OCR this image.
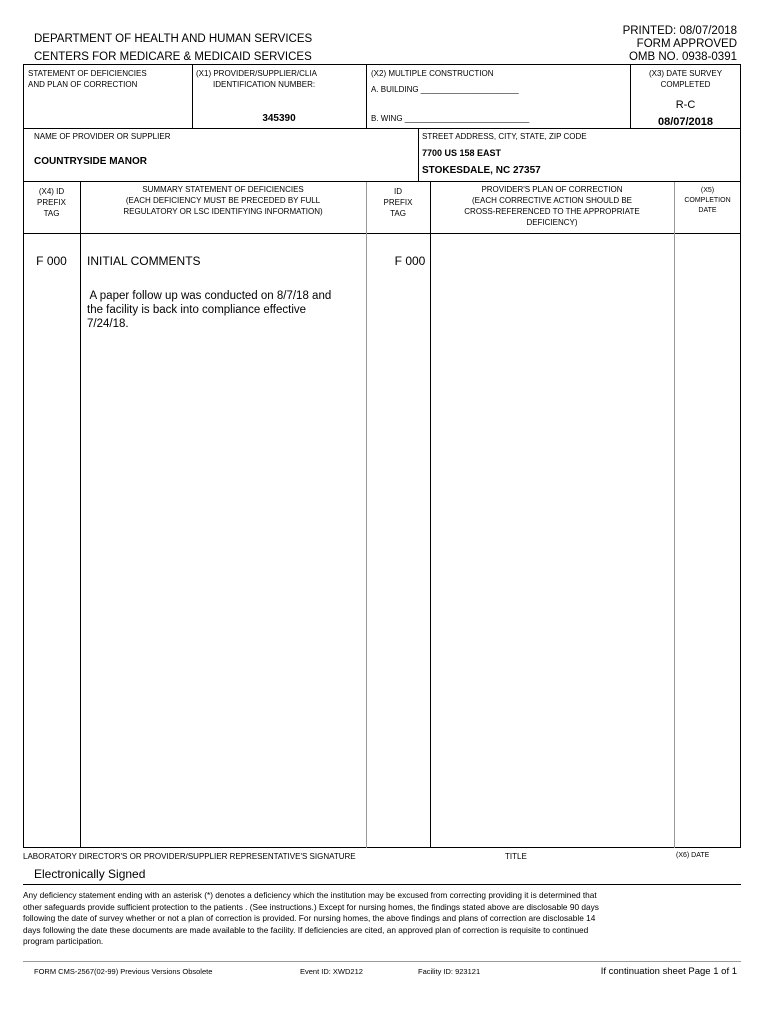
PRINTED: 08/07/2018
FORM APPROVED
OMB NO. 0938-0391
DEPARTMENT OF HEALTH AND HUMAN SERVICES
CENTERS FOR MEDICARE & MEDICAID SERVICES
STATEMENT OF DEFICIENCIES
AND PLAN OF CORRECTION
(X1) PROVIDER/SUPPLIER/CLIA
IDENTIFICATION NUMBER:
345390
(X2) MULTIPLE CONSTRUCTION
A. BUILDING ______________________
B. WING ____________________________
(X3) DATE SURVEY
COMPLETED
R-C
08/07/2018
NAME OF PROVIDER OR SUPPLIER
COUNTRYSIDE MANOR
STREET ADDRESS, CITY, STATE, ZIP CODE
7700 US 158 EAST
STOKESDALE, NC 27357
(X4) ID
PREFIX
TAG
SUMMARY STATEMENT OF DEFICIENCIES
(EACH DEFICIENCY MUST BE PRECEDED BY FULL
REGULATORY OR LSC IDENTIFYING INFORMATION)
ID
PREFIX
TAG
PROVIDER'S PLAN OF CORRECTION
(EACH CORRECTIVE ACTION SHOULD BE
CROSS-REFERENCED TO THE APPROPRIATE
DEFICIENCY)
(X5)
COMPLETION
DATE
F 000	INITIAL COMMENTS
A paper follow up was conducted on 8/7/18 and
the facility is back into compliance effective
7/24/18.
F 000
LABORATORY DIRECTOR'S OR PROVIDER/SUPPLIER REPRESENTATIVE'S SIGNATURE	TITLE	(X6) DATE
Electronically Signed
Any deficiency statement ending with an asterisk (*) denotes a deficiency which the institution may be excused from correcting providing it is determined that
other safeguards provide sufficient protection to the patients . (See instructions.) Except for nursing homes, the findings stated above are disclosable 90 days
following the date of survey whether or not a plan of correction is provided. For nursing homes, the above findings and plans of correction are disclosable 14
days following the date these documents are made available to the facility. If deficiencies are cited, an approved plan of correction is requisite to continued
program participation.
FORM CMS-2567(02-99) Previous Versions Obsolete	Event ID: XWD212	Facility ID: 923121	If continuation sheet Page 1 of 1
